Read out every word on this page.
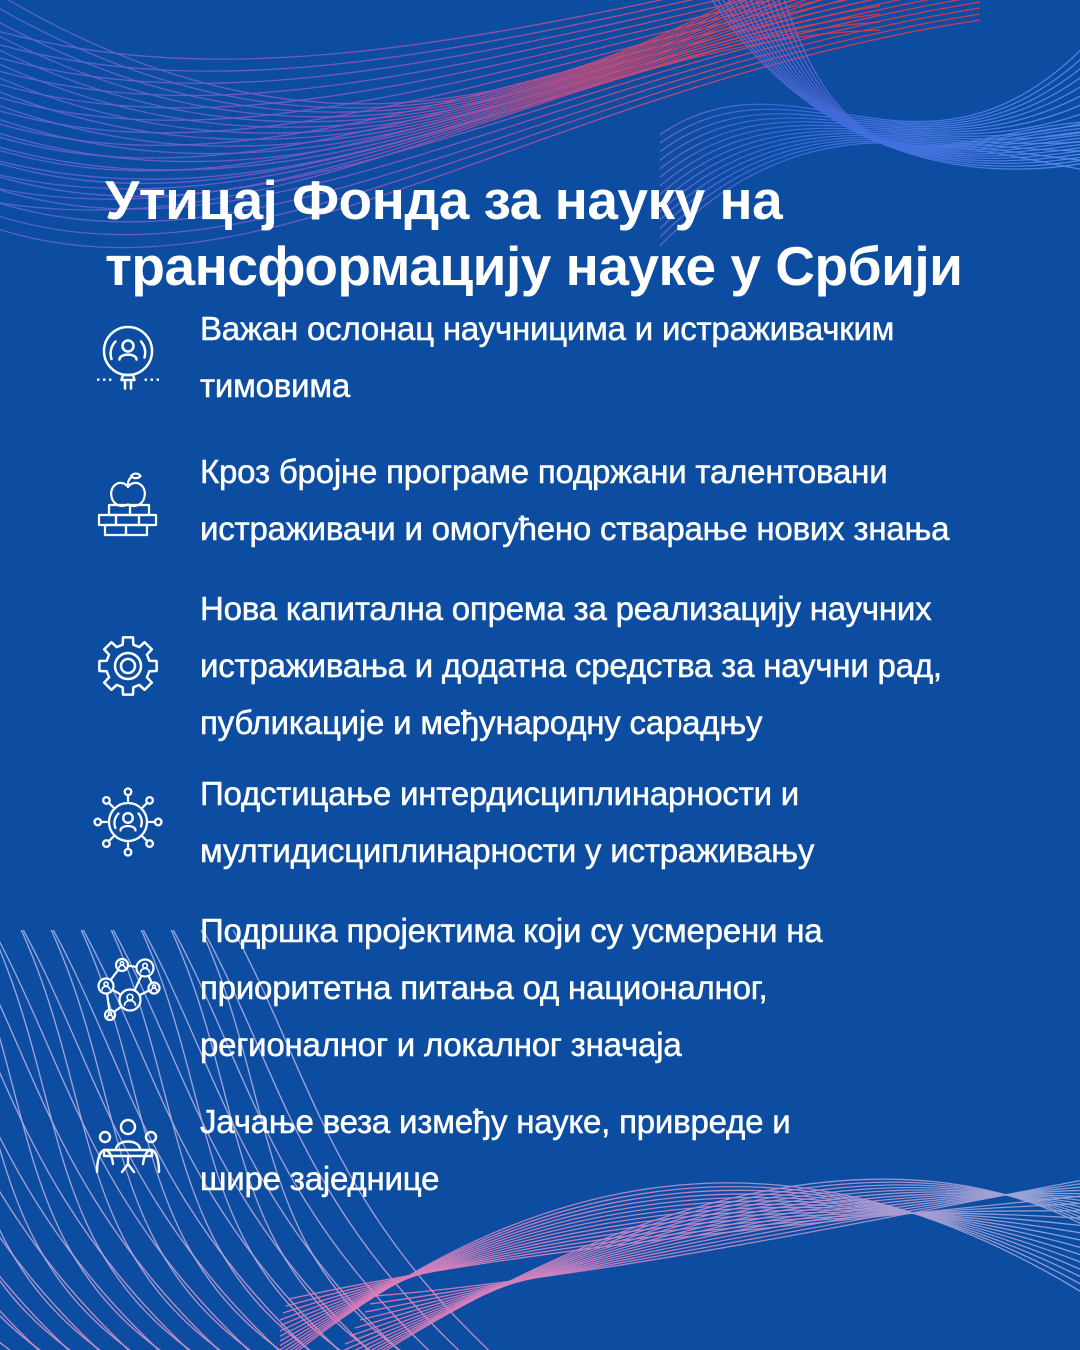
Утицај Фонда за науку на
трансформацију науке у Србији
Важан ослонац научницима и истраживачким
тимовима
Кроз бројне програме подржани талентовани
истраживачи и омогућено стварање нових знања
Нова капитална опрема за реализацију научних
истраживања и додатна средства за научни рад,
публикације и међународну сарадњу
Подстицање интердисциплинарности и
мултидисциплинарности у истраживању
Подршка пројектима који су усмерени на
приоритетна питања од националног,
регионалног и локалног значаја
Јачање веза између науке, привреде и
шире заједнице
